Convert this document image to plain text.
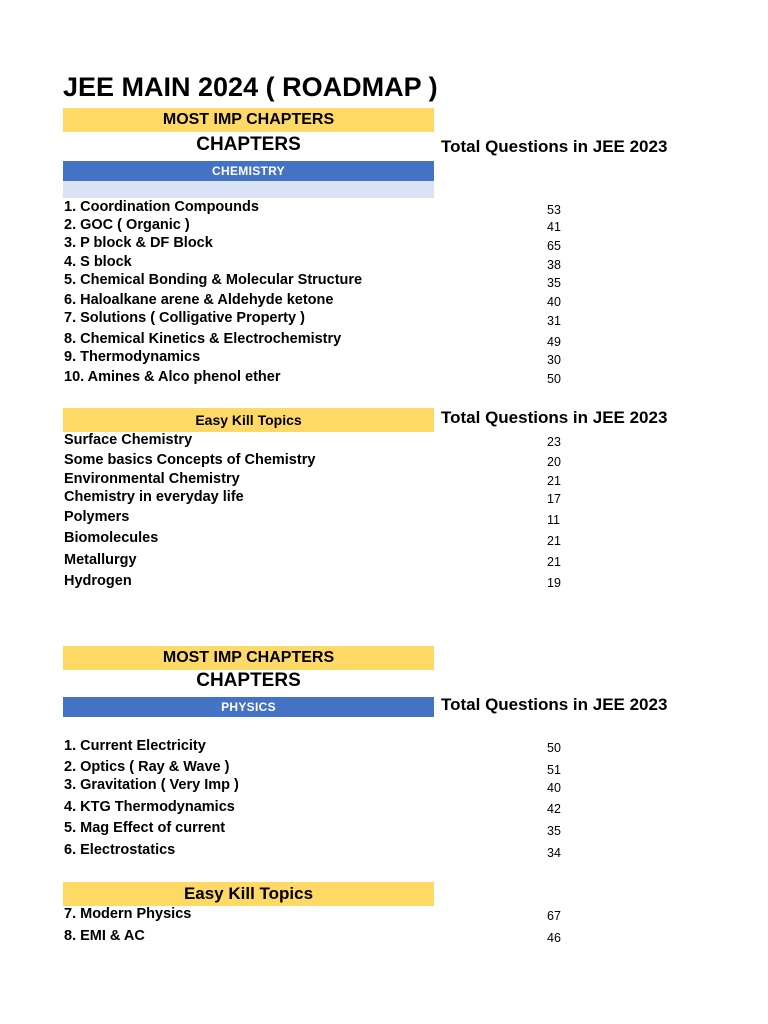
JEE MAIN 2024 ( ROADMAP )
MOST IMP CHAPTERS
CHAPTERS	Total Questions in JEE 2023
CHEMISTRY
1. Coordination Compounds	53
2. GOC ( Organic )	41
3. P block & DF Block	65
4. S block	38
5. Chemical Bonding & Molecular Structure	35
6. Haloalkane arene & Aldehyde ketone	40
7. Solutions ( Colligative Property )	31
8. Chemical Kinetics & Electrochemistry	49
9. Thermodynamics	30
10. Amines & Alco phenol ether	50
Easy Kill Topics	Total Questions in JEE 2023
Surface Chemistry	23
Some basics Concepts of Chemistry	20
Environmental Chemistry	21
Chemistry in everyday life	17
Polymers	11
Biomolecules	21
Metallurgy	21
Hydrogen	19
MOST IMP CHAPTERS
CHAPTERS
PHYSICS	Total Questions in JEE 2023
1. Current Electricity	50
2. Optics ( Ray & Wave )	51
3. Gravitation ( Very Imp )	40
4. KTG Thermodynamics	42
5. Mag Effect of current	35
6. Electrostatics	34
Easy Kill Topics
7. Modern Physics	67
8. EMI & AC	46
